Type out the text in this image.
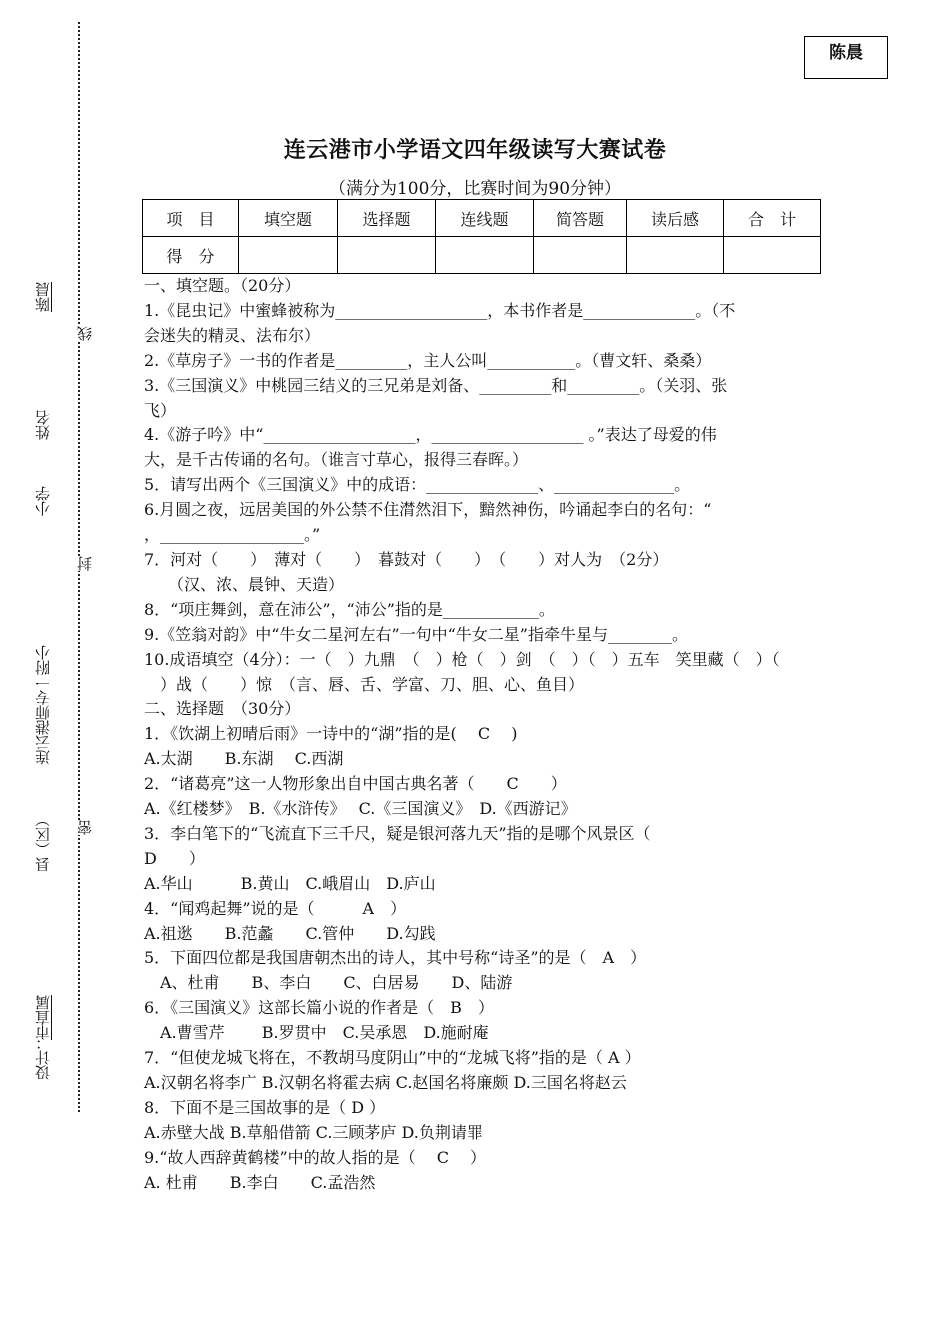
陈晨
设计：
市直属
县（区）
连云港师专一附小
小学
姓名
陈晨
密
封
线
连云港市小学语文四年级读写大赛试卷
（满分为100分，比赛时间为90分钟）
项　目	填空题	选择题	连线题	简答题	读后感	合　计
得　分						
一、填空题。（20分）
1.《昆虫记》中蜜蜂被称为___________________，本书作者是______________。（不
会迷失的精灵、法布尔）
2.《草房子》一书的作者是_________，主人公叫___________。（曹文轩、桑桑）
3.《三国演义》中桃园三结义的三兄弟是刘备、_________和_________。（关羽、张
飞）
4.《游子吟》中“___________________，___________________ 。”表达了母爱的伟
大，是千古传诵的名句。（谁言寸草心，报得三春晖。）
5．请写出两个《三国演义》中的成语：______________、_______________。
6.月圆之夜，远居美国的外公禁不住潸然泪下，黯然神伤，吟诵起李白的名句：“
，__________________。”
7．河对（　　）　薄对（　　）　暮鼓对（　　）　（　　）对人为　（2分）
　　（汉、浓、晨钟、天造）
8．“项庄舞剑，意在沛公”，“沛公”指的是____________。
9.《笠翁对韵》中“牛女二星河左右”一句中“牛女二星”指牵牛星与________。
10.成语填空（4分）：一（　）九鼎　（　）枪（　）剑　（　）（　）五车　笑里藏（　）（
　）战（　　）惊　（言、唇、舌、学富、刀、胆、心、鱼目）
二、选择题　（30分）
1．《饮湖上初晴后雨》一诗中的“湖”指的是(　 C　 )
A.太湖　　B.东湖　 C.西湖
2．“诸葛亮”这一人物形象出自中国古典名著（　　C　　）
A.《红楼梦》　B.《水浒传》　 C.《三国演义》　D.《西游记》
3．李白笔下的“飞流直下三千尺，疑是银河落九天”指的是哪个风景区（
D　　）
A.华山　　　B.黄山　C.峨眉山　D.庐山
4．“闻鸡起舞”说的是（　　　A　）
A.祖逖　　B.范蠡　　C.管仲　　D.勾践
5．下面四位都是我国唐朝杰出的诗人，其中号称“诗圣”的是（　A　）
　A、杜甫　　B、李白　　C、白居易　　D、陆游
6．《三国演义》这部长篇小说的作者是（　B　）
　A.曹雪芹　　 B.罗贯中　C.吴承恩　D.施耐庵
7．“但使龙城飞将在，不教胡马度阴山”中的“龙城飞将”指的是（ A ）
A.汉朝名将李广 B.汉朝名将霍去病 C.赵国名将廉颇 D.三国名将赵云
8．下面不是三国故事的是（ D ）
A.赤壁大战 B.草船借箭 C.三顾茅庐 D.负荆请罪
9.“故人西辞黄鹤楼”中的故人指的是（　 C　 ）
A. 杜甫　　B.李白　　C.孟浩然
